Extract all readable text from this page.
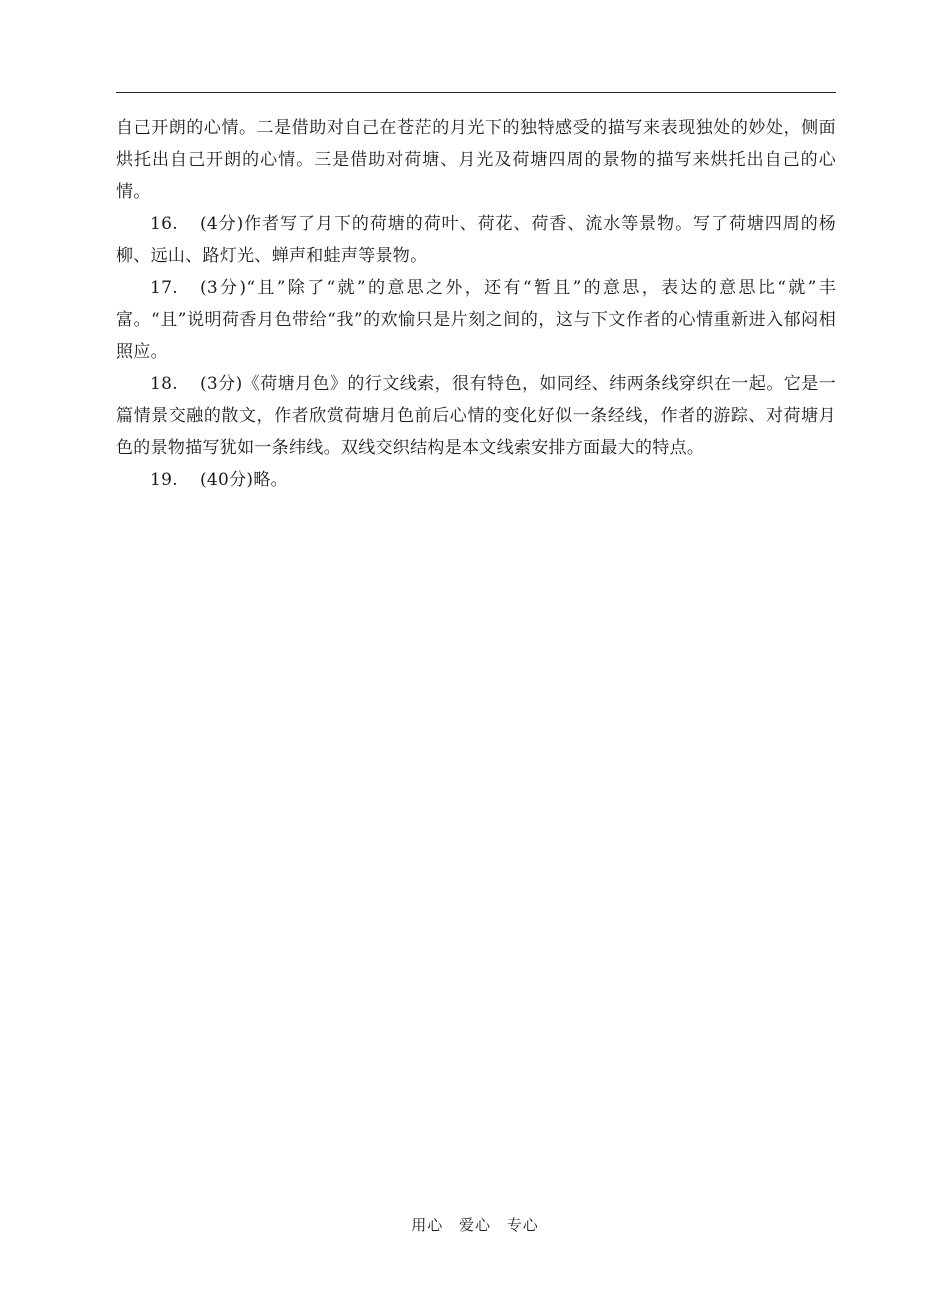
自己开朗的心情。二是借助对自己在苍茫的月光下的独特感受的描写来表现独处的妙处，侧面烘托出自己开朗的心情。三是借助对荷塘、月光及荷塘四周的景物的描写来烘托出自己的心情。

16. (4分)作者写了月下的荷塘的荷叶、荷花、荷香、流水等景物。写了荷塘四周的杨柳、远山、路灯光、蝉声和蛙声等景物。

17. (3分)“且”除了“就”的意思之外，还有“暂且”的意思，表达的意思比“就”丰富。“且”说明荷香月色带给“我”的欢愉只是片刻之间的，这与下文作者的心情重新进入郁闷相照应。

18. (3分)《荷塘月色》的行文线索，很有特色，如同经、纬两条线穿织在一起。它是一篇情景交融的散文，作者欣赏荷塘月色前后心情的变化好似一条经线，作者的游踪、对荷塘月色的景物描写犹如一条纬线。双线交织结构是本文线索安排方面最大的特点。

19. (40分)略。

用心 爱心 专心
